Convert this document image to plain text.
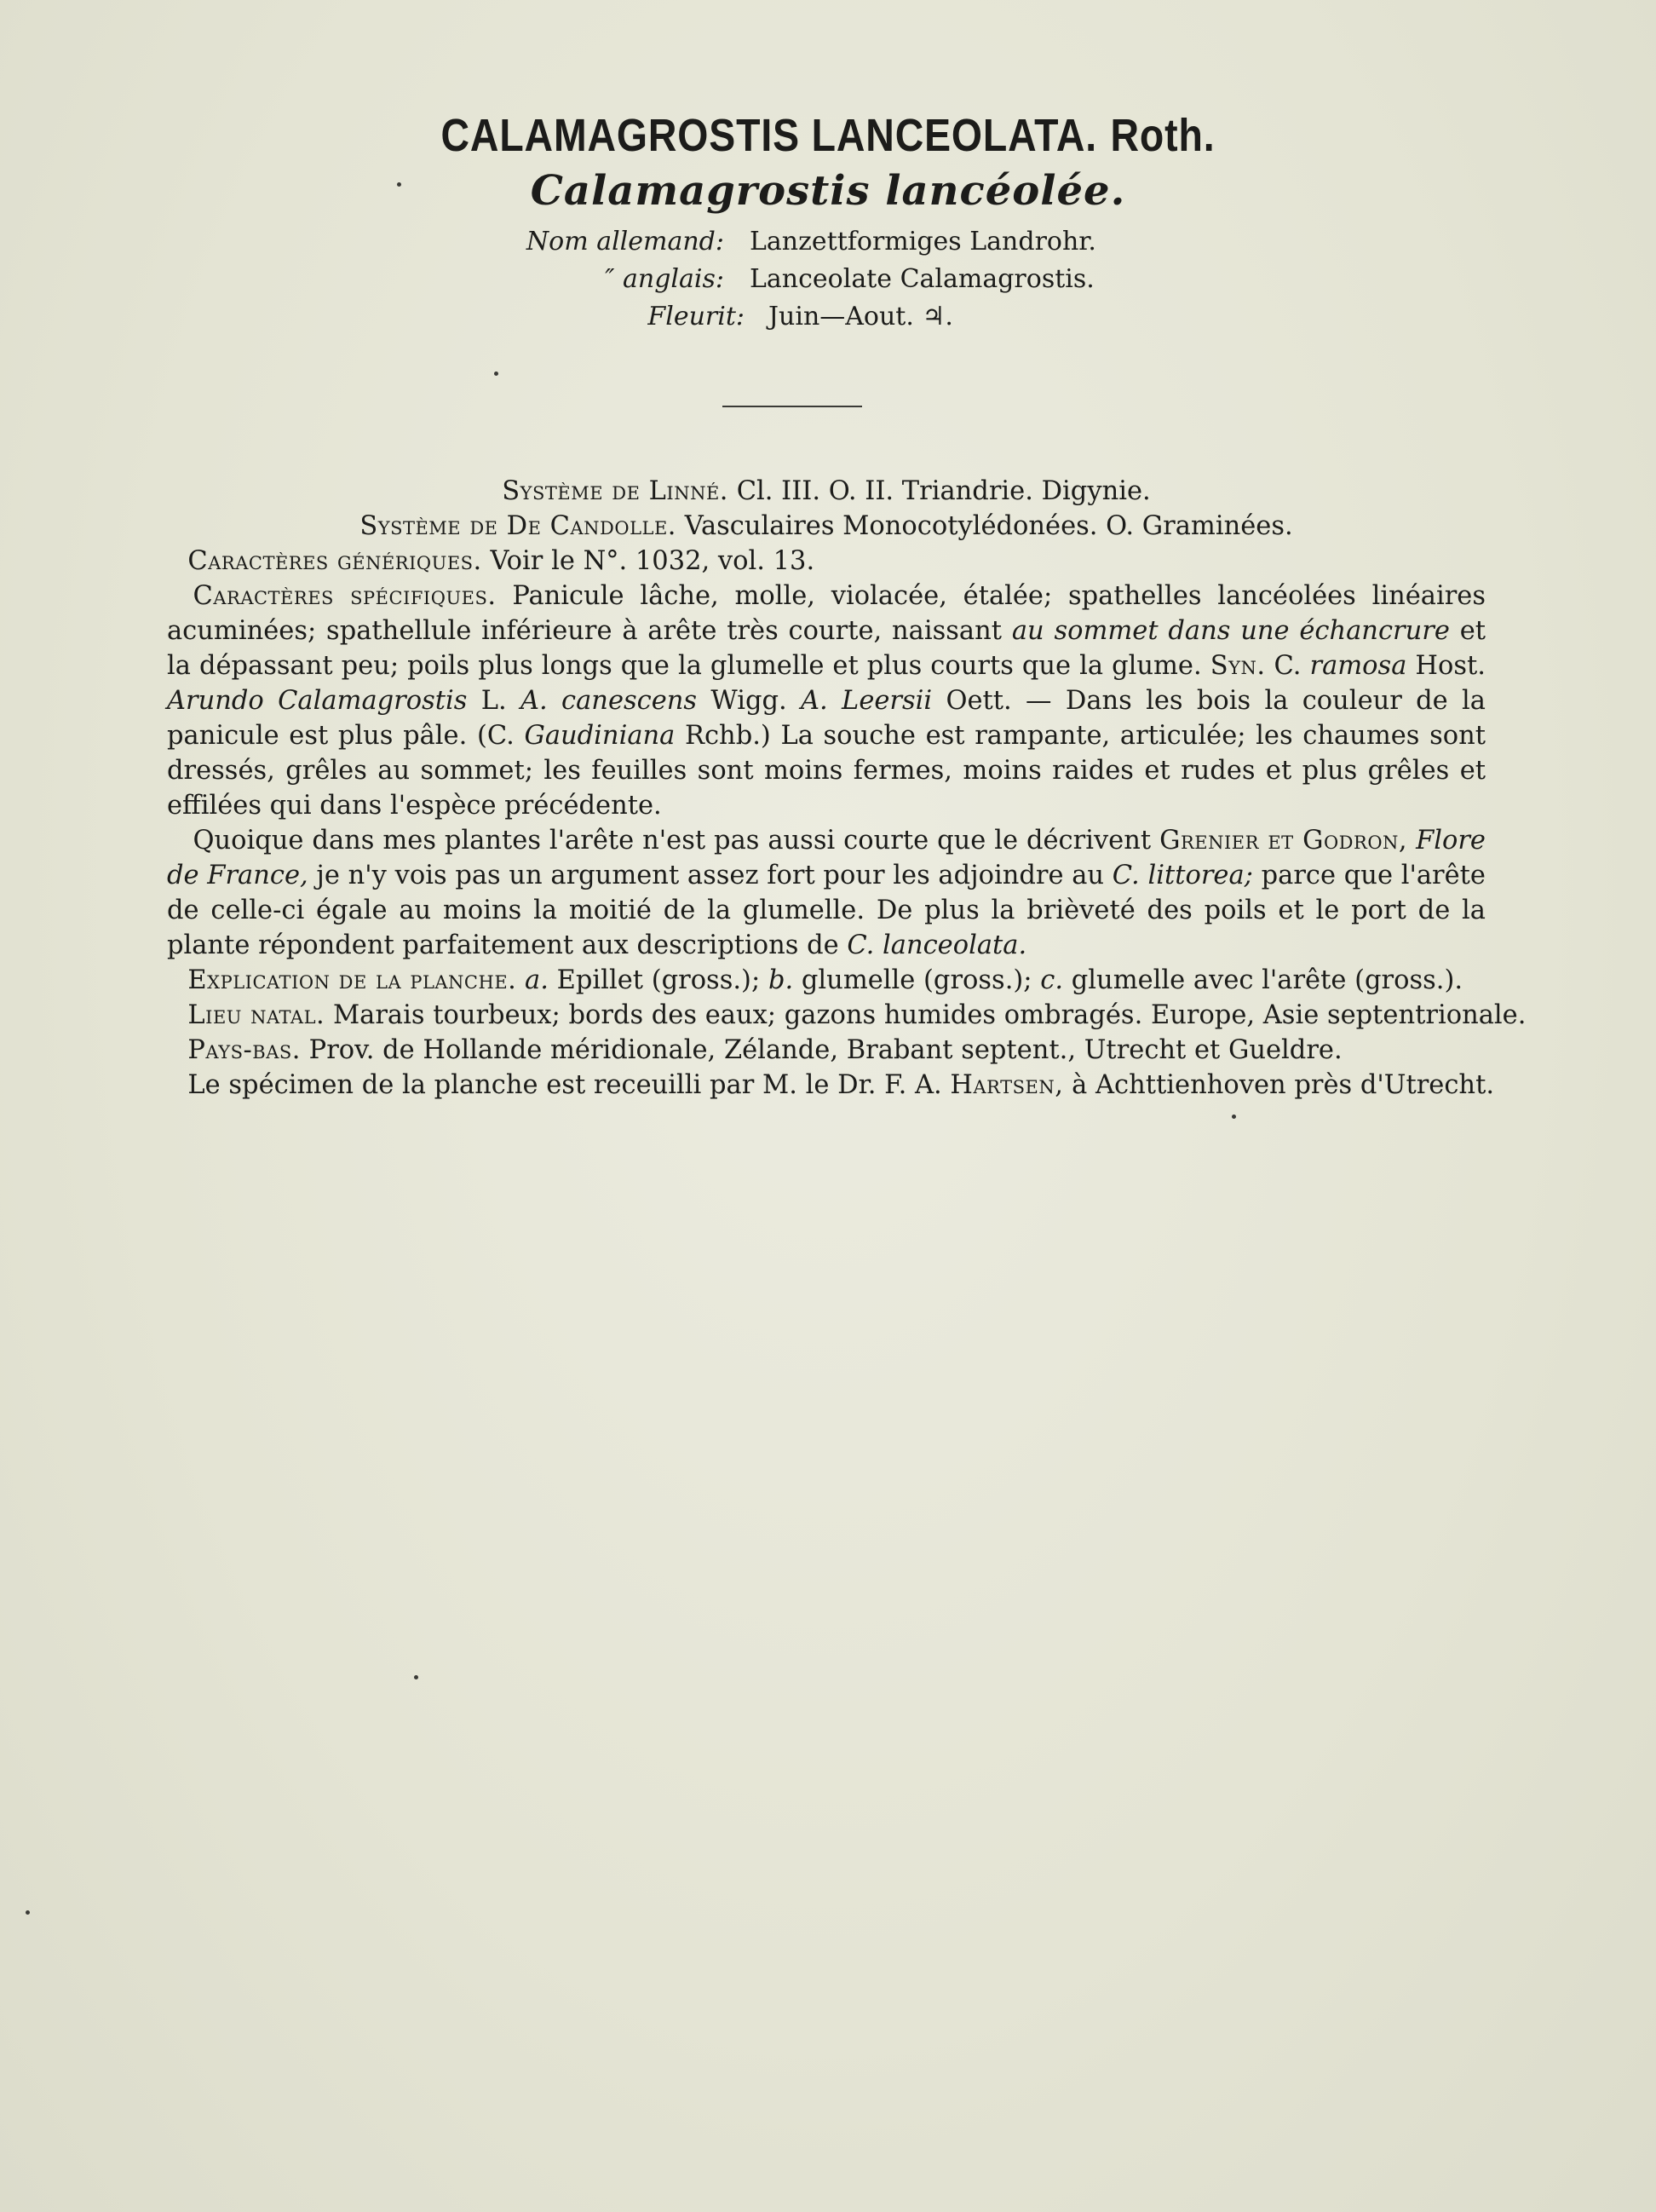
CALAMAGROSTIS LANCEOLATA. Roth.
Calamagrostis lancéolée.
Nom allemand: Lanzettformiges Landrohr.
″ anglais: Lanceolate Calamagrostis.
Fleurit: Juin—Aout. ♃.

Système de Linné. Cl. III. O. II. Triandrie. Digynie.

Système de De Candolle. Vasculaires Monocotylédonées. O. Graminées.

Caractères génériques. Voir le N°. 1032, vol. 13.

Caractères spécifiques. Panicule lâche, molle, violacée, étalée; spathelles lancéolées linéaires acuminées; spathellule inférieure à arête très courte, naissant au sommet dans une échancrure et la dépassant peu; poils plus longs que la glumelle et plus courts que la glume. Syn. C. ramosa Host. Arundo Calamagrostis L. A. canescens Wigg. A. Leersii Oett. — Dans les bois la couleur de la panicule est plus pâle. (C. Gaudiniana Rchb.) La souche est rampante, articulée; les chaumes sont dressés, grêles au sommet; les feuilles sont moins fermes, moins raides et rudes et plus grêles et effilées qui dans l'espèce précédente.

Quoique dans mes plantes l'arête n'est pas aussi courte que le décrivent Grenier et Godron, Flore de France, je n'y vois pas un argument assez fort pour les adjoindre au C. littorea; parce que l'arête de celle-ci égale au moins la moitié de la glumelle. De plus la brièveté des poils et le port de la plante répondent parfaitement aux descriptions de C. lanceolata.

Explication de la planche. a. Epillet (gross.); b. glumelle (gross.); c. glumelle avec l'arête (gross.).

Lieu natal. Marais tourbeux; bords des eaux; gazons humides ombragés. Europe, Asie septentrionale.

Pays-bas. Prov. de Hollande méridionale, Zélande, Brabant septent., Utrecht et Gueldre.

Le spécimen de la planche est receuilli par M. le Dr. F. A. Hartsen, à Achttienhoven près d'Utrecht.
